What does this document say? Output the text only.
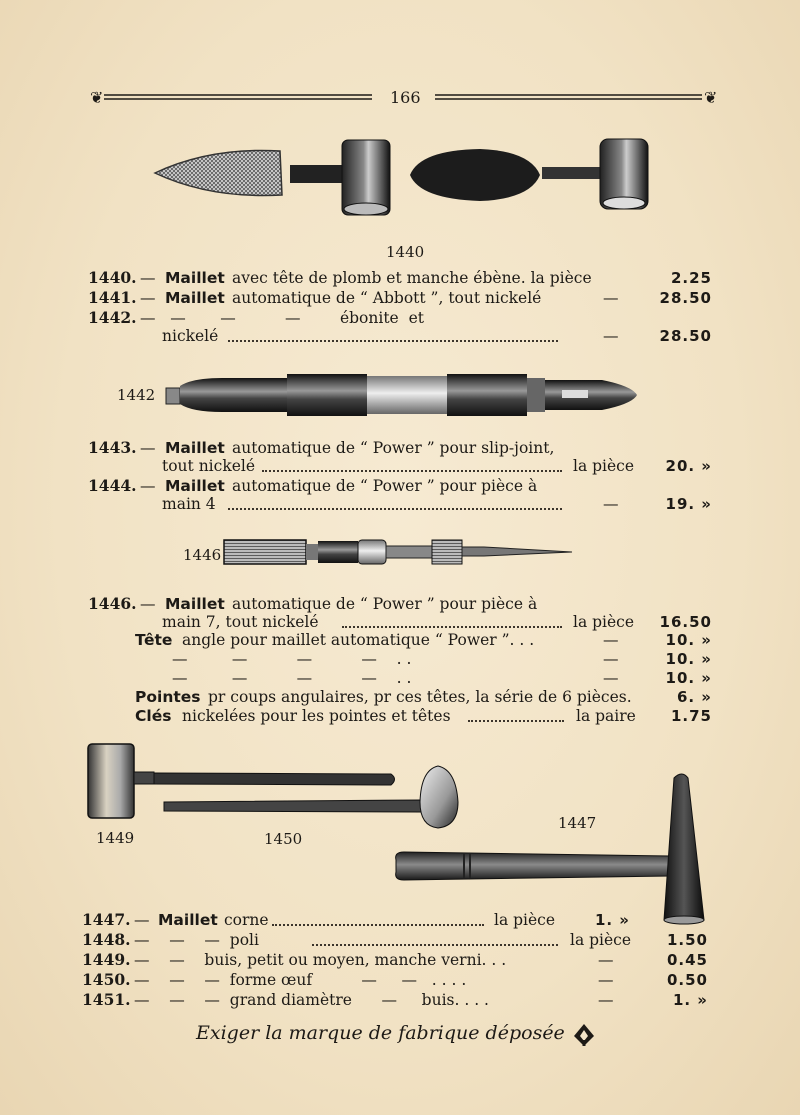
❦	❦
166
1440
1440. — Maillet avec tête de plomb et manche ébène. la pièce	2.25
1441. — Maillet automatique de “ Abbott ”, tout nickelé	—	28.50
1442. —   —       —          —        ébonite  et
nickelé	—	28.50
1442
1443. — Maillet automatique de “ Power ” pour slip-joint,
tout nickelé	la pièce	20. »
1444. — Maillet automatique de “ Power ” pour pièce à
main 4	—	19. »
1446
1446. — Maillet automatique de “ Power ” pour pièce à
main 7, tout nickelé	la pièce	16.50
Tête angle pour maillet automatique “ Power ”. . .	—	10. »
—         —          —          —    . .	—	10. »
—         —          —          —    . .	—	10. »
Pointes pr coups angulaires, pr ces têtes, la série de 6 pièces.	6. »
Clés nickelées pour les pointes et têtes	la paire	1.75
1449	1450
1447
1447. — Maillet corne	la pièce	1. »
1448. —    —    —  poli	la pièce	1.50
1449. —    —    buis, petit ou moyen, manche verni. . .	—	0.45
1450. —    —    —  forme œuf          —     —   . . . .	—	0.50
1451. —    —    —  grand diamètre      —     buis. . . .	—	1. »
Exiger la marque de fabrique déposée
